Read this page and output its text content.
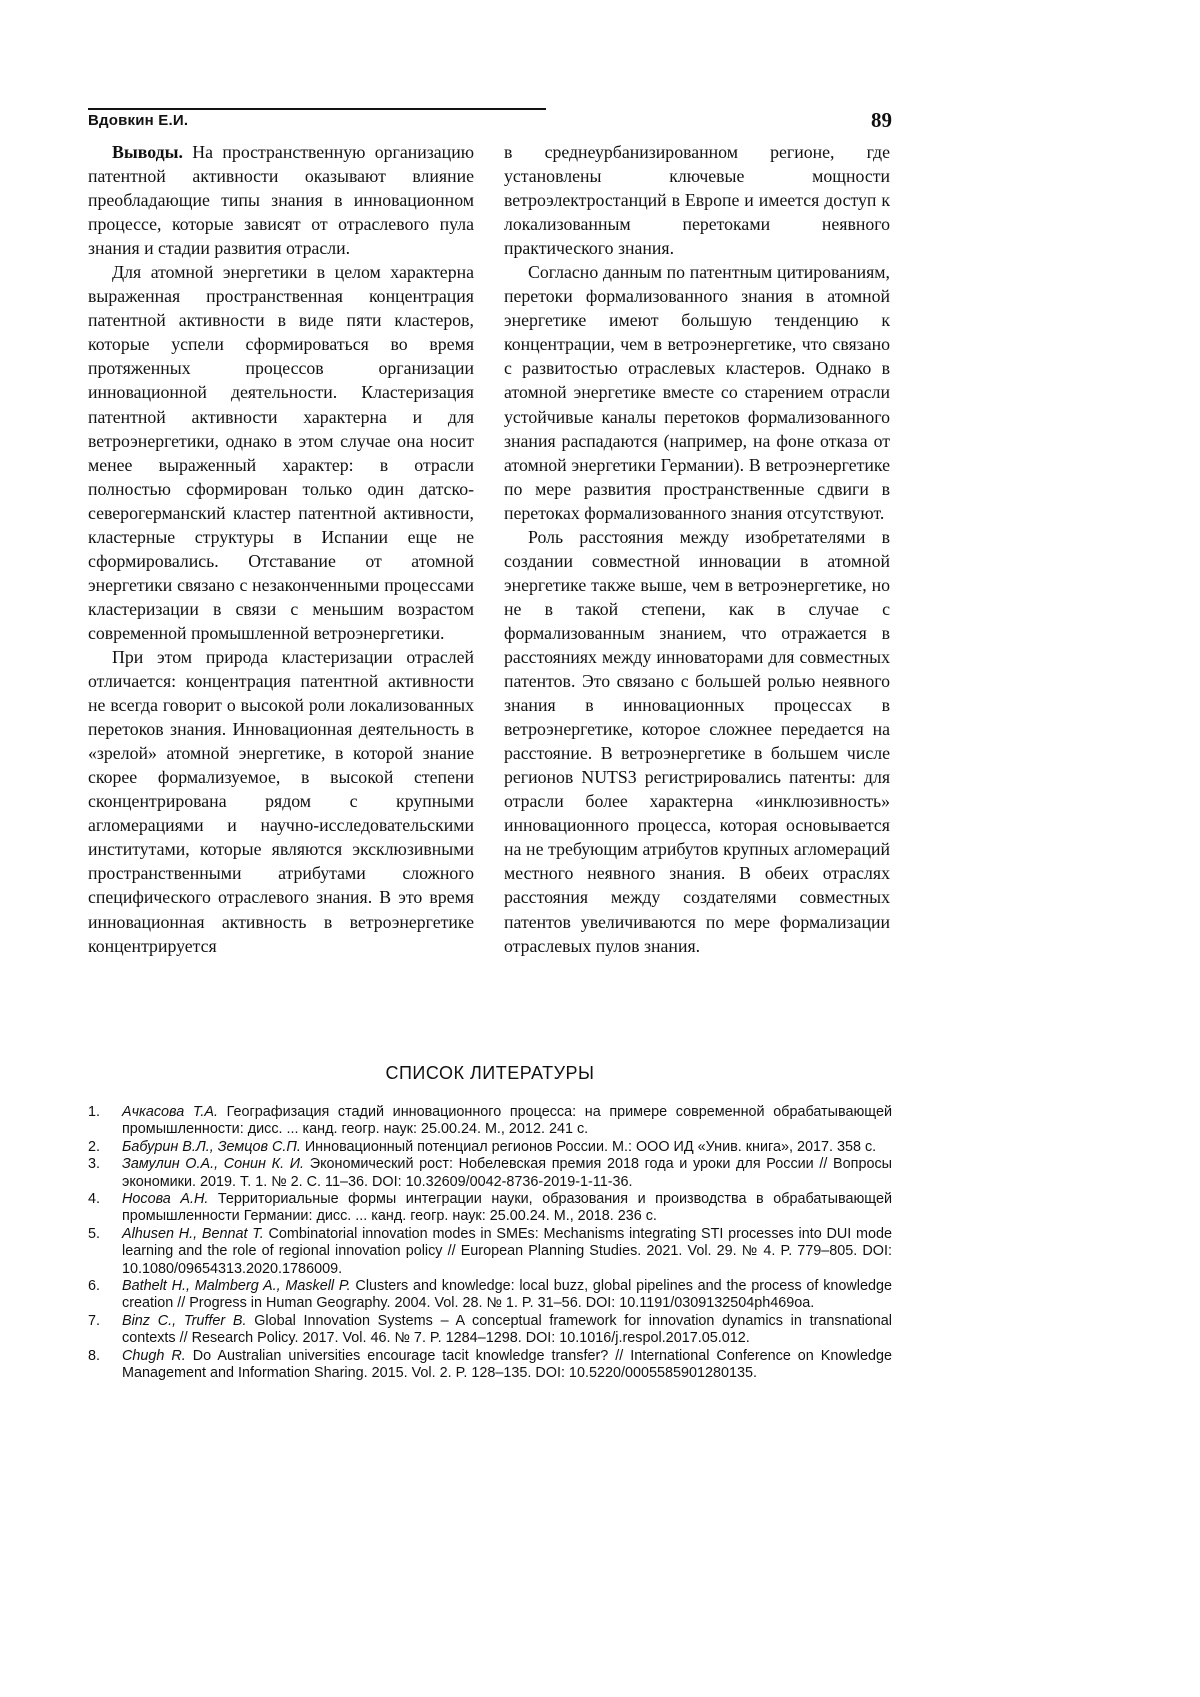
Вдовкин Е.И.	89

Выводы. На пространственную организацию патентной активности оказывают влияние преобладающие типы знания в инновационном процессе, которые зависят от отраслевого пула знания и стадии развития отрасли.

Для атомной энергетики в целом характерна выраженная пространственная концентрация патентной активности в виде пяти кластеров, которые успели сформироваться во время протяженных процессов организации инновационной деятельности. Кластеризация патентной активности характерна и для ветроэнергетики, однако в этом случае она носит менее выраженный характер: в отрасли полностью сформирован только один датско-северогерманский кластер патентной активности, кластерные структуры в Испании еще не сформировались. Отставание от атомной энергетики связано с незаконченными процессами кластеризации в связи с меньшим возрастом современной промышленной ветроэнергетики.

При этом природа кластеризации отраслей отличается: концентрация патентной активности не всегда говорит о высокой роли локализованных перетоков знания. Инновационная деятельность в «зрелой» атомной энергетике, в которой знание скорее формализуемое, в высокой степени сконцентрирована рядом с крупными агломерациями и научно-исследовательскими институтами, которые являются эксклюзивными пространственными атрибутами сложного специфического отраслевого знания. В это время инновационная активность в ветроэнергетике концентрируется

в среднеурбанизированном регионе, где установлены ключевые мощности ветроэлектростанций в Европе и имеется доступ к локализованным перетоками неявного практического знания.

Согласно данным по патентным цитированиям, перетоки формализованного знания в атомной энергетике имеют большую тенденцию к концентрации, чем в ветроэнергетике, что связано с развитостью отраслевых кластеров. Однако в атомной энергетике вместе со старением отрасли устойчивые каналы перетоков формализованного знания распадаются (например, на фоне отказа от атомной энергетики Германии). В ветроэнергетике по мере развития пространственные сдвиги в перетоках формализованного знания отсутствуют.

Роль расстояния между изобретателями в создании совместной инновации в атомной энергетике также выше, чем в ветроэнергетике, но не в такой степени, как в случае с формализованным знанием, что отражается в расстояниях между инноваторами для совместных патентов. Это связано с большей ролью неявного знания в инновационных процессах в ветроэнергетике, которое сложнее передается на расстояние. В ветроэнергетике в большем числе регионов NUTS3 регистрировались патенты: для отрасли более характерна «инклюзивность» инновационного процесса, которая основывается на не требующим атрибутов крупных агломераций местного неявного знания. В обеих отраслях расстояния между создателями совместных патентов увеличиваются по мере формализации отраслевых пулов знания.

СПИСОК ЛИТЕРАТУРЫ
1. Ачкасова Т.А. Географизация стадий инновационного процесса: на примере современной обрабатывающей промышленности: дисс. ... канд. геогр. наук: 25.00.24. М., 2012. 241 с.
2. Бабурин В.Л., Земцов С.П. Инновационный потенциал регионов России. М.: ООО ИД «Унив. книга», 2017. 358 с.
3. Замулин О.А., Сонин К. И. Экономический рост: Нобелевская премия 2018 года и уроки для России // Вопросы экономики. 2019. Т. 1. № 2. С. 11–36. DOI: 10.32609/0042-8736-2019-1-11-36.
4. Носова А.Н. Территориальные формы интеграции науки, образования и производства в обрабатывающей промышленности Германии: дисс. ... канд. геогр. наук: 25.00.24. М., 2018. 236 с.
5. Alhusen H., Bennat T. Combinatorial innovation modes in SMEs: Mechanisms integrating STI processes into DUI mode learning and the role of regional innovation policy // European Planning Studies. 2021. Vol. 29. № 4. P. 779–805. DOI: 10.1080/09654313.2020.1786009.
6. Bathelt H., Malmberg A., Maskell P. Clusters and knowledge: local buzz, global pipelines and the process of knowledge creation // Progress in Human Geography. 2004. Vol. 28. № 1. P. 31–56. DOI: 10.1191/0309132504ph469oa.
7. Binz C., Truffer B. Global Innovation Systems – A conceptual framework for innovation dynamics in transnational contexts // Research Policy. 2017. Vol. 46. № 7. P. 1284–1298. DOI: 10.1016/j.respol.2017.05.012.
8. Chugh R. Do Australian universities encourage tacit knowledge transfer? // International Conference on Knowledge Management and Information Sharing. 2015. Vol. 2. P. 128–135. DOI: 10.5220/0005585901280135.
